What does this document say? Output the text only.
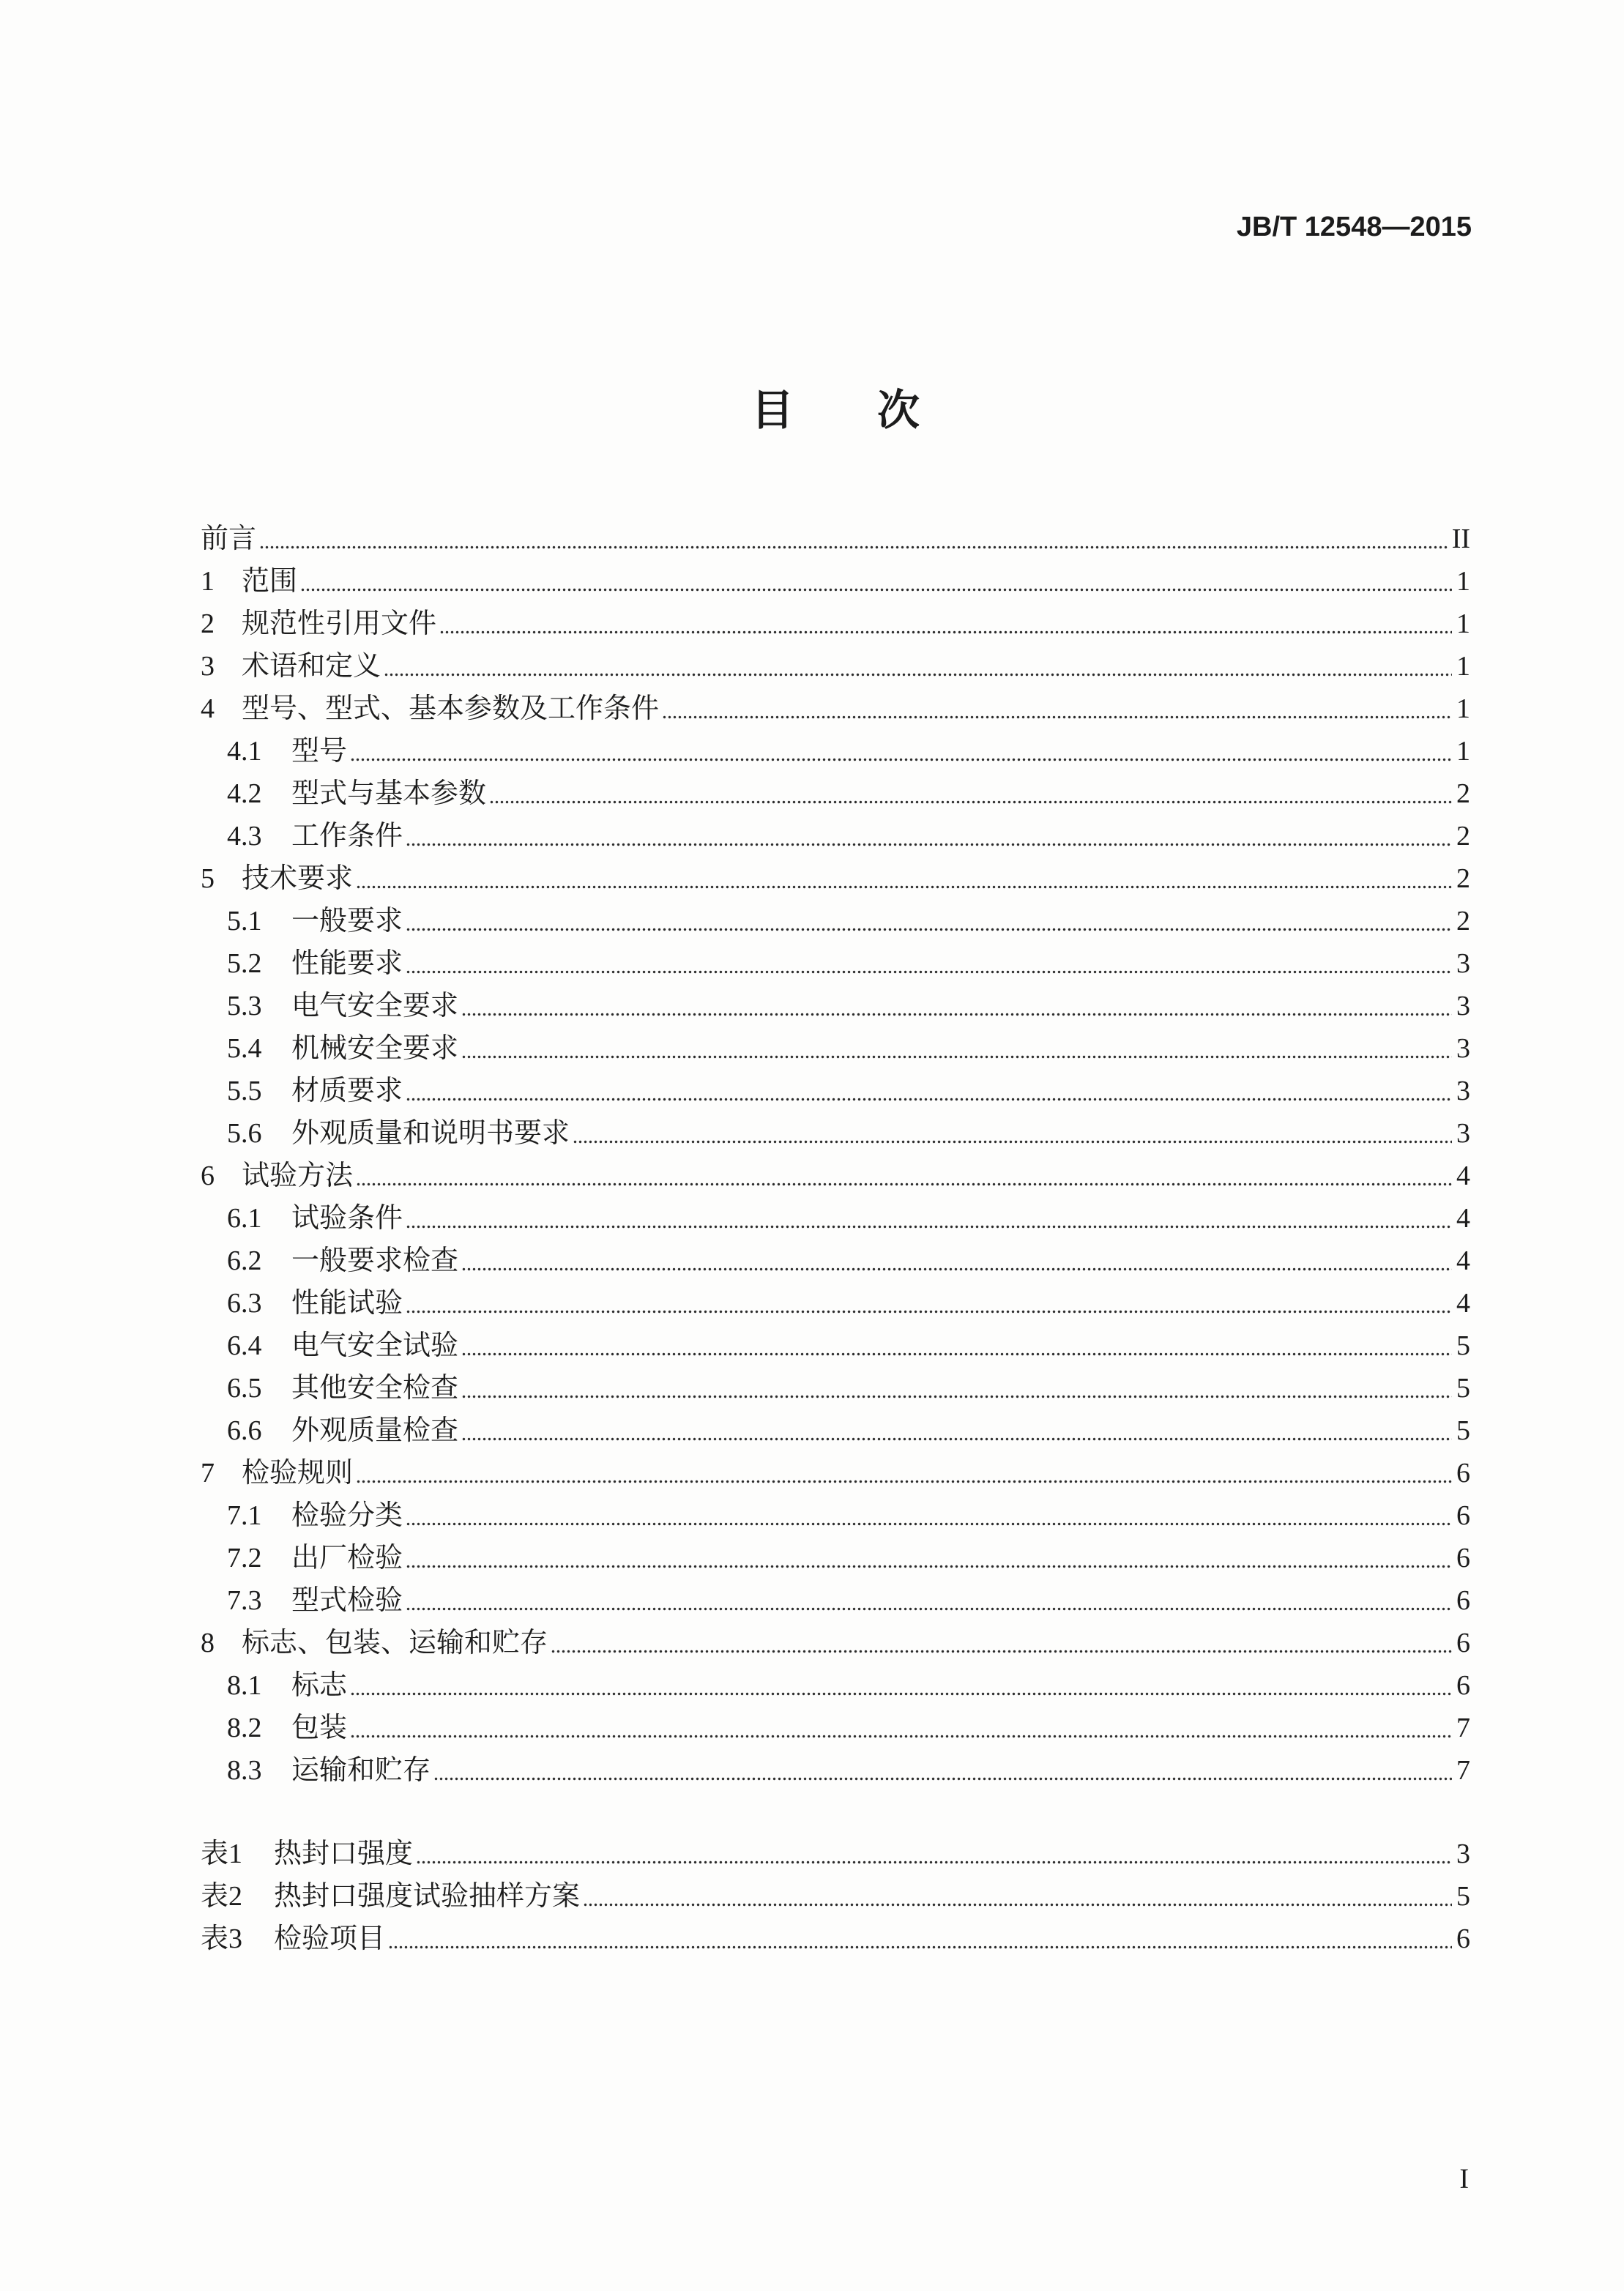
JB/T 12548—2015
目次
前言	II
1 范围	1
2 规范性引用文件	1
3 术语和定义	1
4 型号、型式、基本参数及工作条件	1
4.1	型号	1
4.2	型式与基本参数	2
4.3	工作条件	2
5 技术要求	2
5.1	一般要求	2
5.2	性能要求	3
5.3	电气安全要求	3
5.4	机械安全要求	3
5.5	材质要求	3
5.6	外观质量和说明书要求	3
6 试验方法	4
6.1	试验条件	4
6.2	一般要求检查	4
6.3	性能试验	4
6.4	电气安全试验	5
6.5	其他安全检查	5
6.6	外观质量检查	5
7 检验规则	6
7.1	检验分类	6
7.2	出厂检验	6
7.3	型式检验	6
8 标志、包装、运输和贮存	6
8.1	标志	6
8.2	包装	7
8.3	运输和贮存	7
表1	热封口强度	3
表2	热封口强度试验抽样方案	5
表3	检验项目	6
I
